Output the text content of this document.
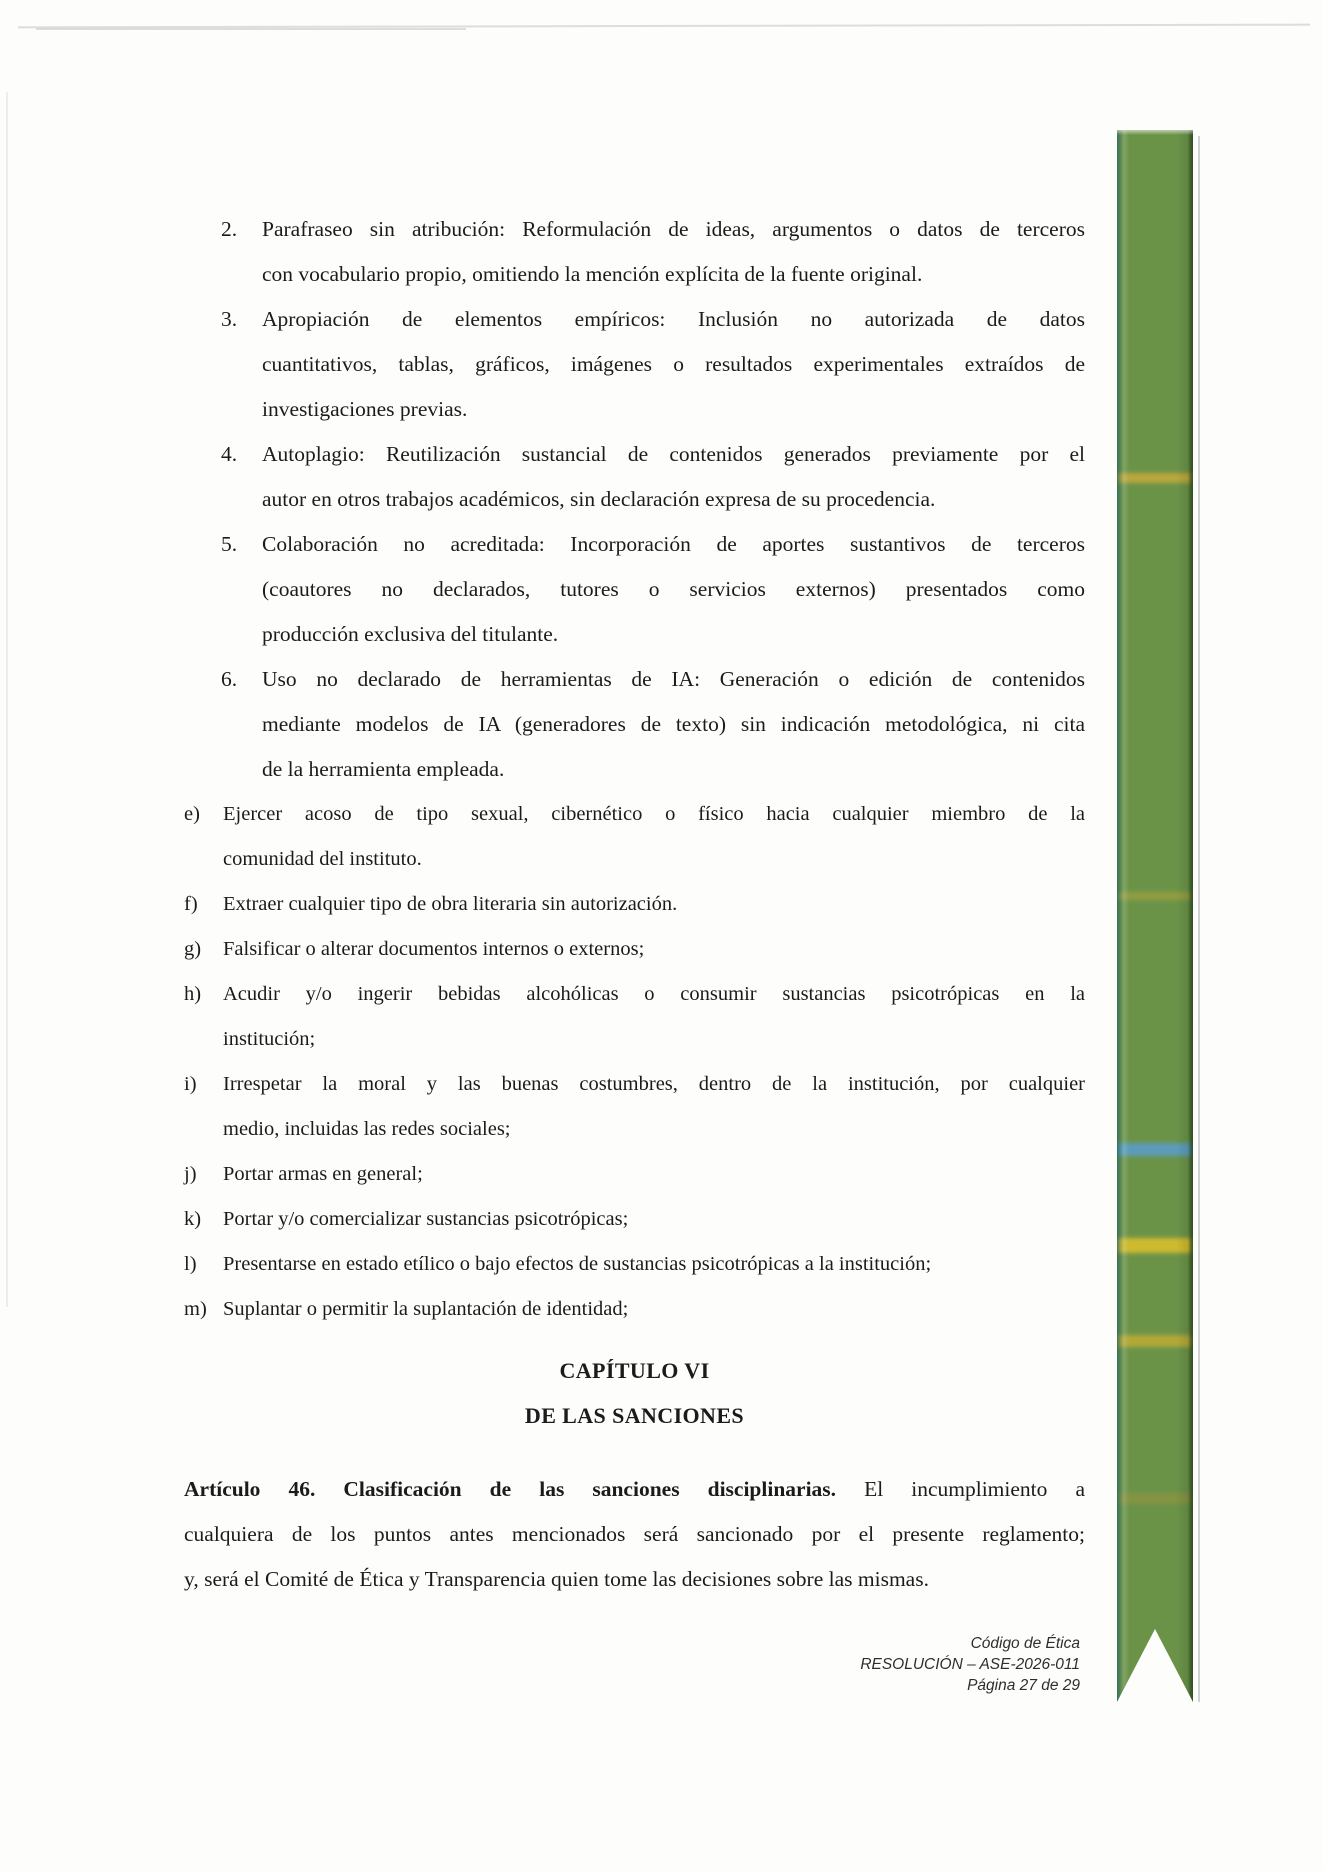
2. Parafraseo sin atribución: Reformulación de ideas, argumentos o datos de terceros
con vocabulario propio, omitiendo la mención explícita de la fuente original.
3. Apropiación de elementos empíricos: Inclusión no autorizada de datos
cuantitativos, tablas, gráficos, imágenes o resultados experimentales extraídos de
investigaciones previas.
4. Autoplagio: Reutilización sustancial de contenidos generados previamente por el
autor en otros trabajos académicos, sin declaración expresa de su procedencia.
5. Colaboración no acreditada: Incorporación de aportes sustantivos de terceros
(coautores no declarados, tutores o servicios externos) presentados como
producción exclusiva del titulante.
6. Uso no declarado de herramientas de IA: Generación o edición de contenidos
mediante modelos de IA (generadores de texto) sin indicación metodológica, ni cita
de la herramienta empleada.
e) Ejercer acoso de tipo sexual, cibernético o físico hacia cualquier miembro de la
comunidad del instituto.
f) Extraer cualquier tipo de obra literaria sin autorización.
g) Falsificar o alterar documentos internos o externos;
h) Acudir y/o ingerir bebidas alcohólicas o consumir sustancias psicotrópicas en la
institución;
i) Irrespetar la moral y las buenas costumbres, dentro de la institución, por cualquier
medio, incluidas las redes sociales;
j) Portar armas en general;
k) Portar y/o comercializar sustancias psicotrópicas;
l) Presentarse en estado etílico o bajo efectos de sustancias psicotrópicas a la institución;
m) Suplantar o permitir la suplantación de identidad;
CAPÍTULO VI
DE LAS SANCIONES
Artículo 46. Clasificación de las sanciones disciplinarias. El incumplimiento a
cualquiera de los puntos antes mencionados será sancionado por el presente reglamento;
y, será el Comité de Ética y Transparencia quien tome las decisiones sobre las mismas.
Código de Ética
RESOLUCIÓN – ASE-2026-011
Página 27 de 29
